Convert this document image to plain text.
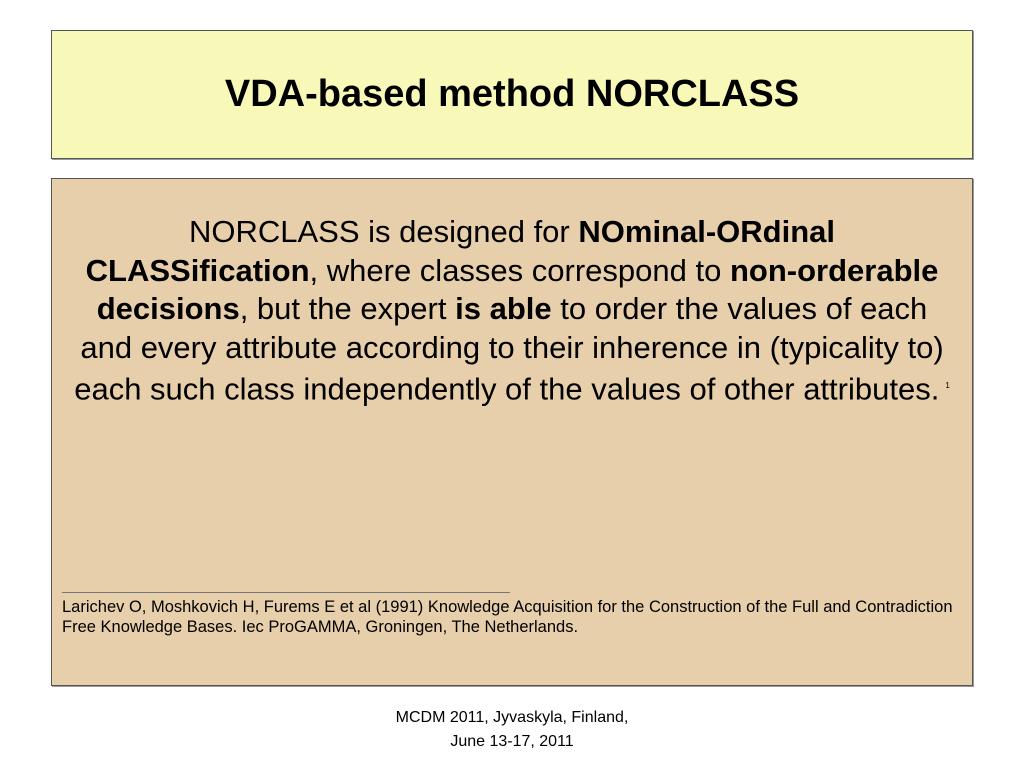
VDA-based method NORCLASS
NORCLASS is designed for NOminal-ORdinal CLASSification, where classes correspond to non-orderable decisions, but the expert is able to order the values of each and every attribute according to their inherence in (typicality to) each such class independently of the values of other attributes. $^1$
Larichev O, Moshkovich H, Furems E et al (1991) Knowledge Acquisition for the Construction of the Full and Contradiction Free Knowledge Bases. Iec ProGAMMA, Groningen, The Netherlands.
MCDM 2011, Jyvaskyla, Finland,
June 13-17, 2011
